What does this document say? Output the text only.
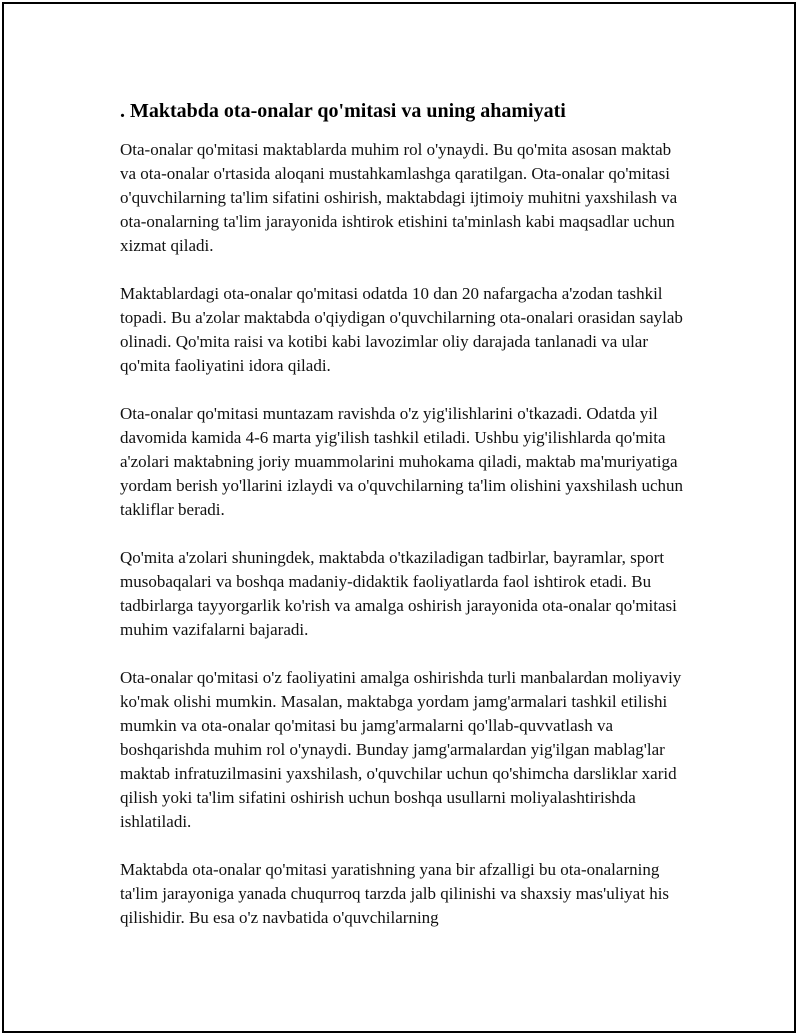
. Maktabda ota-onalar qo'mitasi va uning ahamiyati

Ota-onalar qo'mitasi maktablarda muhim rol o'ynaydi. Bu qo'mita asosan maktab va ota-onalar o'rtasida aloqani mustahkamlashga qaratilgan. Ota-onalar qo'mitasi o'quvchilarning ta'lim sifatini oshirish, maktabdagi ijtimoiy muhitni yaxshilash va ota-onalarning ta'lim jarayonida ishtirok etishini ta'minlash kabi maqsadlar uchun xizmat qiladi.

Maktablardagi ota-onalar qo'mitasi odatda 10 dan 20 nafargacha a'zodan tashkil topadi. Bu a'zolar maktabda o'qiydigan o'quvchilarning ota-onalari orasidan saylab olinadi. Qo'mita raisi va kotibi kabi lavozimlar oliy darajada tanlanadi va ular qo'mita faoliyatini idora qiladi.

Ota-onalar qo'mitasi muntazam ravishda o'z yig'ilishlarini o'tkazadi. Odatda yil davomida kamida 4-6 marta yig'ilish tashkil etiladi. Ushbu yig'ilishlarda qo'mita a'zolari maktabning joriy muammolarini muhokama qiladi, maktab ma'muriyatiga yordam berish yo'llarini izlaydi va o'quvchilarning ta'lim olishini yaxshilash uchun takliflar beradi.

Qo'mita a'zolari shuningdek, maktabda o'tkaziladigan tadbirlar, bayramlar, sport musobaqalari va boshqa madaniy-didaktik faoliyatlarda faol ishtirok etadi. Bu tadbirlarga tayyorgarlik ko'rish va amalga oshirish jarayonida ota-onalar qo'mitasi muhim vazifalarni bajaradi.

Ota-onalar qo'mitasi o'z faoliyatini amalga oshirishda turli manbalardan moliyaviy ko'mak olishi mumkin. Masalan, maktabga yordam jamg'armalari tashkil etilishi mumkin va ota-onalar qo'mitasi bu jamg'armalarni qo'llab-quvvatlash va boshqarishda muhim rol o'ynaydi. Bunday jamg'armalardan yig'ilgan mablag'lar maktab infratuzilmasini yaxshilash, o'quvchilar uchun qo'shimcha darsliklar xarid qilish yoki ta'lim sifatini oshirish uchun boshqa usullarni moliyalashtirishda ishlatiladi.

Maktabda ota-onalar qo'mitasi yaratishning yana bir afzalligi bu ota-onalarning ta'lim jarayoniga yanada chuqurroq tarzda jalb qilinishi va shaxsiy mas'uliyat his qilishidir. Bu esa o'z navbatida o'quvchilarning
